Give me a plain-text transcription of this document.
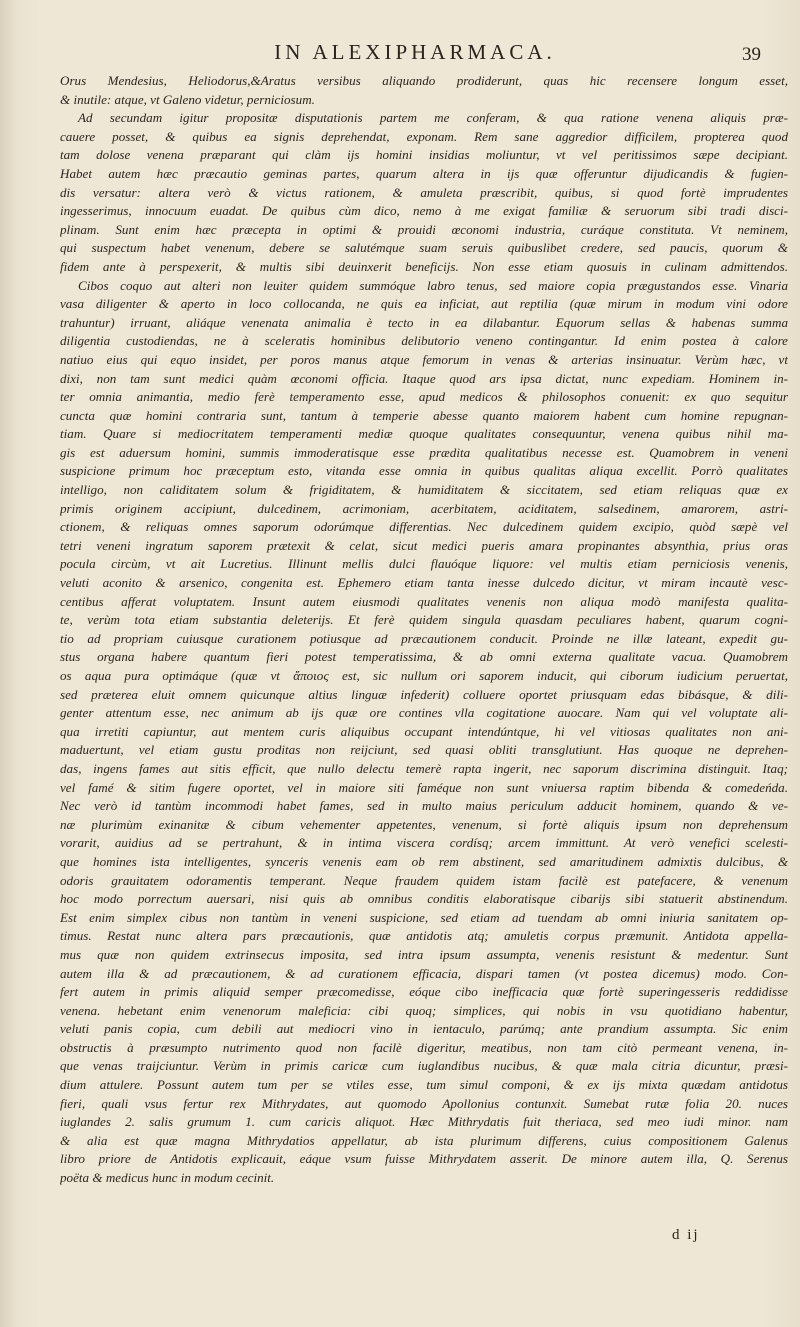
IN ALEXIPHARMACA.	39
Orus Mendesius, Heliodorus,&Aratus versibus aliquando prodiderunt, quas hic recensere longum esset,
& inutile: atque, vt Galeno videtur, perniciosum.
Ad secundam igitur propositæ disputationis partem me conferam, & qua ratione venena aliquis præ-
cauere posset, & quibus ea signis deprehendat, exponam. Rem sane aggredior difficilem, propterea quod
tam dolose venena præparant qui clàm ijs homini insidias moliuntur, vt vel peritissimos sæpe decipiant.
Habet autem hæc præcautio geminas partes, quarum altera in ijs quæ offeruntur dijudicandis & fugien-
dis versatur: altera verò & victus rationem, & amuleta præscribit, quibus, si quod fortè imprudentes
ingesserimus, innocuum euadat. De quibus cùm dico, nemo à me exigat familiæ & seruorum sibi tradi disci-
plinam. Sunt enim hæc præcepta in optimi & prouidi œconomi industria, curáque constituta. Vt neminem,
qui suspectum habet venenum, debere se salutémque suam seruis quibuslibet credere, sed paucis, quorum &
fidem ante à perspexerit, & multis sibi deuinxerit beneficijs. Non esse etiam quosuis in culinam admittendos.
Cibos coquo aut alteri non leuiter quidem summóque labro tenus, sed maiore copia prægustandos esse. Vinaria
vasa diligenter & aperto in loco collocanda, ne quis ea inficiat, aut reptilia (quæ mirum in modum vini odore
trahuntur) irruant, aliáque venenata animalia è tecto in ea dilabantur. Equorum sellas & habenas summa
diligentia custodiendas, ne à sceleratis hominibus delibutorio veneno contingantur. Id enim postea à calore
natiuo eius qui equo insidet, per poros manus atque femorum in venas & arterias insinuatur. Verùm hæc, vt
dixi, non tam sunt medici quàm œconomi officia. Itaque quod ars ipsa dictat, nunc expediam. Hominem in-
ter omnia animantia, medio ferè temperamento esse, apud medicos & philosophos conuenit: ex quo sequitur
cuncta quæ homini contraria sunt, tantum à temperie abesse quanto maiorem habent cum homine repugnan-
tiam. Quare si mediocritatem temperamenti mediæ quoque qualitates consequuntur, venena quibus nihil ma-
gis est aduersum homini, summis immoderatisque esse prædita qualitatibus necesse est. Quamobrem in veneni
suspicione primum hoc præceptum esto, vitanda esse omnia in quibus qualitas aliqua excellit. Porrò qualitates
intelligo, non caliditatem solum & frigiditatem, & humiditatem & siccitatem, sed etiam reliquas quæ ex
primis originem accipiunt, dulcedinem, acrimoniam, acerbitatem, aciditatem, salsedinem, amarorem, astri-
ctionem, & reliquas omnes saporum odorúmque differentias. Nec dulcedinem quidem excipio, quòd sæpè vel
tetri veneni ingratum saporem prætexit & celat, sicut medici pueris amara propinantes absynthia, prius oras
pocula circùm, vt ait Lucretius. Illinunt mellis dulci flauóque liquore: vel multis etiam perniciosis venenis,
veluti aconito & arsenico, congenita est. Ephemero etiam tanta inesse dulcedo dicitur, vt miram incautè vesc-
centibus afferat voluptatem. Insunt autem eiusmodi qualitates venenis non aliqua modò manifesta qualita-
te, verùm tota etiam substantia deleterijs. Et ferè quidem singula quasdam peculiares habent, quarum cogni-
tio ad propriam cuiusque curationem potiusque ad præcautionem conducit. Proinde ne illæ lateant, expedit gu-
stus organa habere quantum fieri potest temperatissima, & ab omni externa qualitate vacua. Quamobrem
os aqua pura optimáque (quæ vt ἄποιος est, sic nullum ori saporem inducit, qui ciborum iudicium peruertat,
sed præterea eluit omnem quicunque altius linguæ infederit) colluere oportet priusquam edas bibásque, & dili-
genter attentum esse, nec animum ab ijs quæ ore contines vlla cogitatione auocare. Nam qui vel voluptate ali-
qua irretiti capiuntur, aut mentem curis aliquibus occupant intendúntque, hi vel vitiosas qualitates non ani-
maduertunt, vel etiam gustu proditas non reijciunt, sed quasi obliti transglutiunt. Has quoque ne deprehen-
das, ingens fames aut sitis efficit, que nullo delectu temerè rapta ingerit, nec saporum discrimina distinguit. Itaq;
vel famé & sitim fugere oportet, vel in maiore siti faméque non sunt vniuersa raptim bibenda & comedeńda.
Nec verò id tantùm incommodi habet fames, sed in multo maius periculum adducit hominem, quando & ve-
næ plurimùm exinanitæ & cibum vehementer appetentes, venenum, si fortè aliquis ipsum non deprehensum
vorarit, auidius ad se pertrahunt, & in intima viscera cordísq; arcem immittunt. At verò venefici scelesti-
que homines ista intelligentes, synceris venenis eam ob rem abstinent, sed amaritudinem admixtis dulcibus, &
odoris grauitatem odoramentis temperant. Neque fraudem quidem istam facilè est patefacere, & venenum
hoc modo porrectum auersari, nisi quis ab omnibus conditis elaboratisque cibarijs sibi statuerit abstinendum.
Est enim simplex cibus non tantùm in veneni suspicione, sed etiam ad tuendam ab omni iniuria sanitatem op-
timus. Restat nunc altera pars præcautionis, quæ antidotis atq; amuletis corpus præmunit. Antidota appella-
mus quæ non quidem extrinsecus imposita, sed intra ipsum assumpta, venenis resistunt & medentur. Sunt
autem illa & ad præcautionem, & ad curationem efficacia, dispari tamen (vt postea dicemus) modo. Con-
fert autem in primis aliquid semper præcomedisse, eóque cibo inefficacia quæ fortè superingesseris reddidisse
venena. hebetant enim venenorum maleficia: cibi quoq; simplices, qui nobis in vsu quotidiano habentur,
veluti panis copia, cum debili aut mediocri vino in ientaculo, parúmq; ante prandium assumpta. Sic enim
obstructis à præsumpto nutrimento quod non facilè digeritur, meatibus, non tam citò permeant venena, in-
que venas traijciuntur. Verùm in primis caricæ cum iuglandibus nucibus, & quæ mala citria dicuntur, præsi-
dium attulere. Possunt autem tum per se vtiles esse, tum simul componi, & ex ijs mixta quædam antidotus
fieri, quali vsus fertur rex Mithrydates, aut quomodo Apollonius contunxit. Sumebat rutæ folia 20. nuces
iuglandes 2. salis grumum 1. cum caricis aliquot. Hæc Mithrydatis fuit theriaca, sed meo iudi minor. nam
& alia est quæ magna Mithrydatios appellatur, ab ista plurimum differens, cuius compositionem Galenus
libro priore de Antidotis explicauit, eáque vsum fuisse Mithrydatem asserit. De minore autem illa, Q. Serenus
poëta & medicus hunc in modum cecinit.
d ij
